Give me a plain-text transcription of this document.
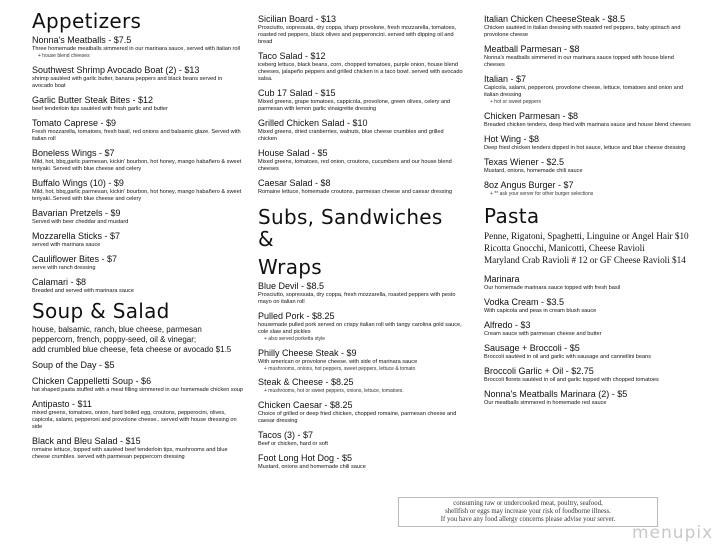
Appetizers
Nonna's Meatballs - $7.5
Three homemade meatballs simmered in our marinara sauce, served with italian roll
+ house blend cheeses
Southwest Shrimp Avocado Boat (2) - $13
shrimp sautéed with garlic butter, banana peppers and black beans served in avocado boat
Garlic Butter Steak Bites - $12
beef tenderloin tips sautéed with fresh garlic and butter
Tomato Caprese - $9
Fresh mozzarella, tomatoes, fresh basil, red onions and balsamic glaze. Served with italian roll
Boneless Wings - $7
Mild, hot, bbq,garlic parmesan, kickin' bourbon, hot honey, mango habañero & sweet teriyaki. Served with blue cheese and celery
Buffalo Wings (10) - $9
Mild, hot, bbq,garlic parmesan, kickin' bourbon, hot honey, mango habañero & sweet teriyaki..Served with blue cheese and celery
Bavarian Pretzels - $9
Served with beer cheddar and mustard
Mozzarella Sticks - $7
served with marinara sauce
Cauliflower Bites - $7
serve with ranch dressing
Calamari - $8
Breaded and served with marinara sauce
Soup & Salad
house, balsamic, ranch, blue cheese, parmesan peppercorn, french, poppy-seed, oil & vinegar;
add crumbled blue cheese, feta cheese or avocado $1.5
Soup of the Day - $5
Chicken Cappelletti Soup - $6
hat shaped pasta stuffed with a meat filling simmered in our homemade chicken soup
Antipasto - $11
mixed greens, tomatoes, onion, hard boiled egg, croutons, pepperocini, olives, capicola, salami, pepperoni and provolone cheese.. served with house dressing on side
Black and Bleu Salad - $15
romaine lettuce, topped with sautéed beef tenderloin tips, mushrooms and blue cheese crumbles. served with parmesan peppercorn dressing
Sicilian Board - $13
Prosciutto, sopressata, dry coppa, sharp provolone, fresh mozzarella, tomatoes, roasted red peppers, black olives and pepperoncini. served with dipping oil and bread
Taco Salad - $12
iceberg lettuce, black beans, corn, chopped tomatoes, purple onion, house blend cheeses, jalapeño peppers and grilled chicken in a taco bowl. served with avocado salsa.
Cub 17 Salad - $15
Mixed greens, grape tomatoes, cappicola, provolone, green olives, celery and parmesan with lemon garlic vinaigrette dressing
Grilled Chicken Salad - $10
Mixed greens, dried cranberries, walnuts, blue cheese crumbles and grilled chicken
House Salad - $5
Mixed greens, tomatoes, red onion, croutons, cucumbers and our house blend cheeses
Caesar Salad - $8
Romaine lettuce, homemade croutons, parmesan cheese and caesar dressing
Subs, Sandwiches &
Wraps
Blue Devil - $8.5
Prosciutto, sopressata, dry coppa, fresh mozzarella, roasted peppers with pesto mayo on italian roll
Pulled Pork - $8.25
housemade pulled pork served on crispy italian roll with tangy carolina gold sauce, cole slaw and pickles
+ also served porketta style
Philly Cheese Steak - $9
With american or provolone cheese. with side of marinara sauce
+ mushrooms, onions, hot peppers, sweet peppers, lettuce & tomato
Steak & Cheese - $8.25
+ mushrooms, hot or sweet peppers, onions, lettuce, tomatoes.
Chicken Caesar - $8.25
Choice of grilled or deep fried chicken, chopped romaine, parmesan cheese and caesar dressing
Tacos (3) - $7
Beef or chicken, hard or soft
Foot Long Hot Dog - $5
Mustard, onions and homemade chili sauce
Italian Chicken CheeseSteak - $8.5
Chicken sautéed in italian dressing with roasted red peppers, baby spinach and provolone cheese
Meatball Parmesan - $8
Nonna's meatballs simmered in our marinara sauce topped with house blend cheeses
Italian - $7
Capicola, salami, pepperoni, provolone cheese, lettuce, tomatoes and onion and italian dressing
+ hot or sweet peppers
Chicken Parmesan - $8
Breaded chicken tenders, deep fried with marinara sauce and house blend cheeses
Hot Wing - $8
Deep fried chicken tenders dipped in hot sauce, lettuce and blue cheese dressing
Texas Wiener - $2.5
Mustard, onions, homemade chili sauce
8oz Angus Burger - $7
+ ** ask your server for other burger selections
Pasta
Penne, Rigatoni, Spaghetti, Linguine or Angel Hair $10
Ricotta Gnocchi, Manicotti, Cheese Ravioli
Maryland Crab Ravioli # 12 or GF Cheese Ravioli $14
Marinara
Our homemade marinara sauce topped with fresh basil
Vodka Cream - $3.5
With capicola and peas in cream blush sauce
Alfredo - $3
Cream sauce with parmesan cheese and butter
Sausage + Broccoli - $5
Broccoli sautéed in oil and garlic with sausage and cannellini beans
Broccoli Garlic + Oil - $2.75
Broccoli florets sautéed in oil and garlic topped with chopped tomatoes
Nonna's Meatballs Marinara (2) - $5
Our meatballs simmered in homemade red sauce
consuming raw or undercooked meat, poultry, seafood,
shellfish or eggs may increase your risk of foodborne illness.
If you have any food allergy concerns please advise your server.
menupix
